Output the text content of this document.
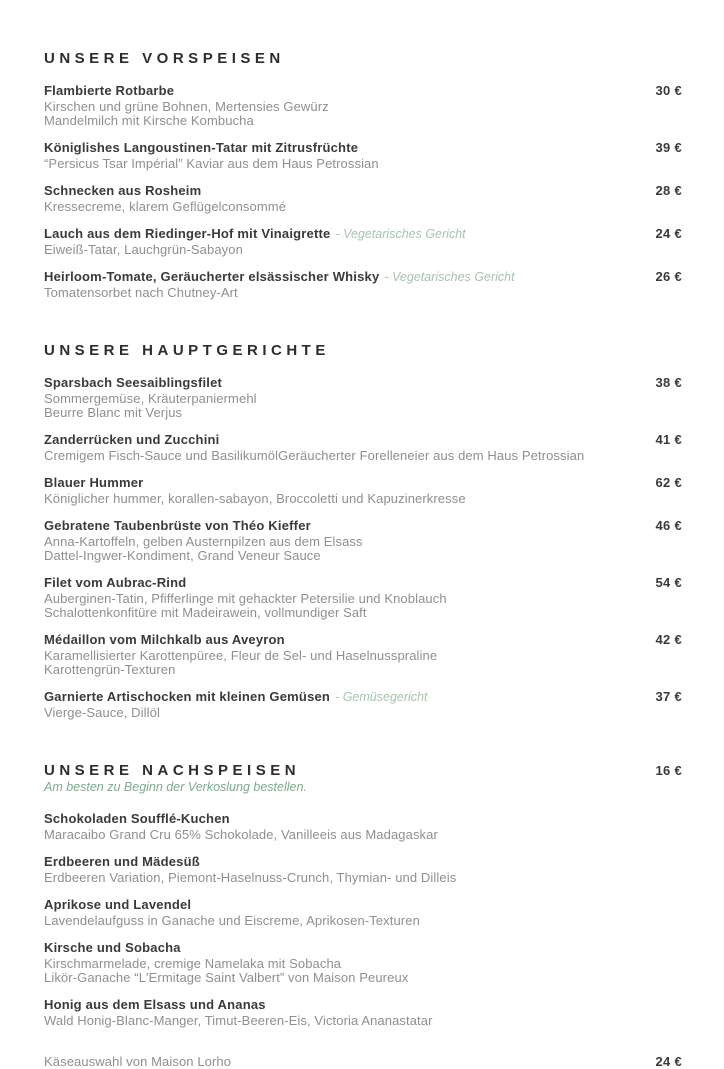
UNSERE VORSPEISEN
Flambierte Rotbarbe	30 €
Kirschen und grüne Bohnen, Mertensies Gewürz
Mandelmilch mit Kirsche Kombucha
Königlishes Langoustinen-Tatar mit Zitrusfrüchte	39 €
“Persicus Tsar Impérial” Kaviar aus dem Haus Petrossian
Schnecken aus Rosheim	28 €
Kressecreme, klarem Geflügelconsommé
Lauch aus dem Riedinger-Hof mit Vinaigrette - Vegetarisches Gericht	24 €
Eiweiß-Tatar, Lauchgrün-Sabayon
Heirloom-Tomate, Geräucherter elsässischer Whisky - Vegetarisches Gericht	26 €
Tomatensorbet nach Chutney-Art
UNSERE HAUPTGERICHTE
Sparsbach Seesaiblingsfilet	38 €
Sommergemüse, Kräuterpaniermehl
Beurre Blanc mit Verjus
Zanderrücken und Zucchini	41 €
Cremigem Fisch-Sauce und BasilikumölGeräucherter Forelleneier aus dem Haus Petrossian
Blauer Hummer	62 €
Königlicher hummer, korallen-sabayon, Broccoletti und Kapuzinerkresse
Gebratene Taubenbrüste von Théo Kieffer	46 €
Anna-Kartoffeln, gelben Austernpilzen aus dem Elsass
Dattel-Ingwer-Kondiment, Grand Veneur Sauce
Filet vom Aubrac-Rind	54 €
Auberginen-Tatin, Pfifferlinge mit gehackter Petersilie und Knoblauch
Schalottenkonfitüre mit Madeirawein, vollmundiger Saft
Médaillon vom Milchkalb aus Aveyron	42 €
Karamellisierter Karottenpüree, Fleur de Sel- und Haselnusspraline
Karottengrün-Texturen
Garnierte Artischocken mit kleinen Gemüsen - Gemüsegericht	37 €
Vierge-Sauce, Dillöl
UNSERE NACHSPEISEN	16 €
Am besten zu Beginn der Verkoslung bestellen.
Schokoladen Soufflé-Kuchen
Maracaibo Grand Cru 65% Schokolade, Vanilleeis aus Madagaskar
Erdbeeren und Mädesüß
Erdbeeren Variation, Piemont-Haselnuss-Crunch, Thymian- und Dilleis
Aprikose und Lavendel
Lavendelaufguss in Ganache und Eiscreme, Aprikosen-Texturen
Kirsche und Sobacha
Kirschmarmelade, cremige Namelaka mit Sobacha
Likör-Ganache “L'Ermitage Saint Valbert” von Maison Peureux
Honig aus dem Elsass und Ananas
Wald Honig-Blanc-Manger, Timut-Beeren-Eis, Victoria Ananastatar
Käseauswahl von Maison Lorho	24 €
